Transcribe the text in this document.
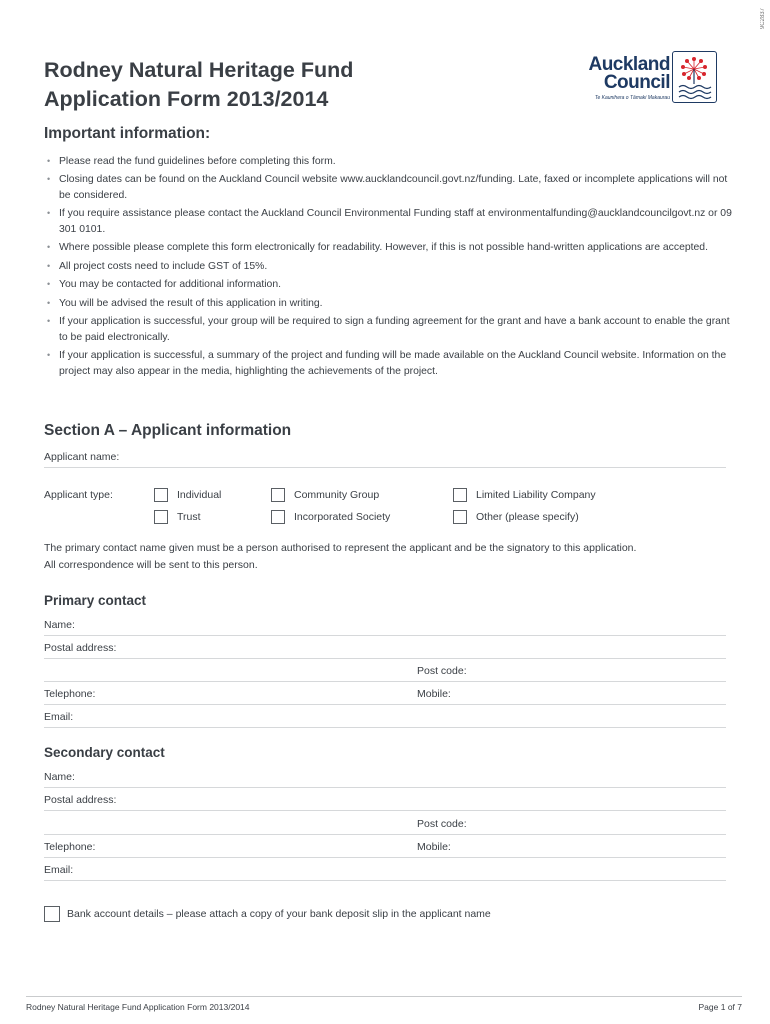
9C2837
Rodney Natural Heritage Fund
Application Form 2013/2014
Auckland
Council
Te Kaunihera o Tāmaki Makaurau
Important information:
• Please read the fund guidelines before completing this form.
• Closing dates can be found on the Auckland Council website www.aucklandcouncil.govt.nz/funding. Late, faxed or incomplete applications will not be considered.
• If you require assistance please contact the Auckland Council Environmental Funding staff at environmentalfunding@aucklandcouncilgovt.nz or 09 301 0101.
• Where possible please complete this form electronically for readability. However, if this is not possible hand-written applications are accepted.
• All project costs need to include GST of 15%.
• You may be contacted for additional information.
• You will be advised the result of this application in writing.
• If your application is successful, your group will be required to sign a funding agreement for the grant and have a bank account to enable the grant to be paid electronically.
• If your application is successful, a summary of the project and funding will be made available on the Auckland Council website. Information on the project may also appear in the media, highlighting the achievements of the project.
Section A – Applicant information
Applicant name:
Applicant type:	Individual	Community Group	Limited Liability Company
Trust	Incorporated Society	Other (please specify)
The primary contact name given must be a person authorised to represent the applicant and be the signatory to this application.
All correspondence will be sent to this person.
Primary contact
Name:
Postal address:
Post code:
Telephone:	Mobile:
Email:
Secondary contact
Name:
Postal address:
Post code:
Telephone:	Mobile:
Email:
Bank account details – please attach a copy of your bank deposit slip in the applicant name
Rodney Natural Heritage Fund Application Form 2013/2014	Page 1 of 7
